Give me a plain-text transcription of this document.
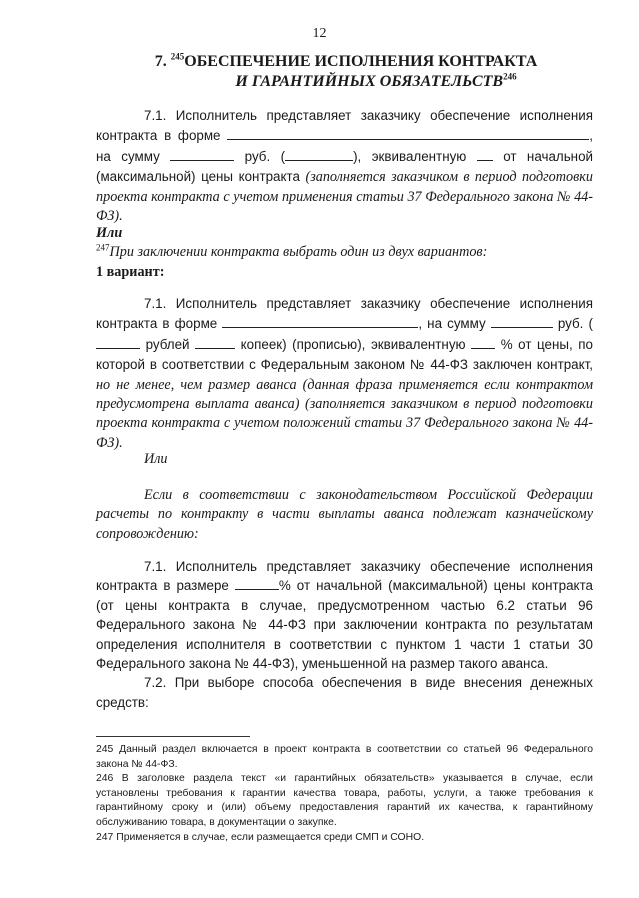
12
7. $^{245}$ОБЕСПЕЧЕНИЕ ИСПОЛНЕНИЯ КОНТРАКТА
И ГАРАНТИЙНЫХ ОБЯЗАТЕЛЬСТВ$^{246}$

7.1. Исполнитель представляет заказчику обеспечение исполнения контракта в форме	, на сумму	руб. (	), эквивалентную  от начальной (максимальной) цены контракта (заполняется заказчиком в период подготовки проекта контракта с учетом применения статьи 37 Федерального закона № 44-ФЗ).

Или

$^{247}$При заключении контракта выбрать один из двух вариантов:

1 вариант:

7.1. Исполнитель представляет заказчику обеспечение исполнения контракта в форме	, на сумму	руб. ( рублей	копеек) (прописью), эквивалентную  % от цены, по которой в соответствии с Федеральным законом № 44-ФЗ заключен контракт, но не менее, чем размер аванса (данная фраза применяется если контрактом предусмотрена выплата аванса) (заполняется заказчиком в период подготовки проекта контракта с учетом положений статьи 37 Федерального закона № 44-ФЗ).

Или

Если в соответствии с законодательством Российской Федерации расчеты по контракту в части выплаты аванса подлежат казначейскому сопровождению:

7.1. Исполнитель представляет заказчику обеспечение исполнения контракта в размере	% от начальной (максимальной) цены контракта (от цены контракта в случае, предусмотренном частью 6.2 статьи 96 Федерального закона № 44-ФЗ при заключении контракта по результатам определения исполнителя в соответствии с пунктом 1 части 1 статьи 30 Федерального закона № 44-ФЗ), уменьшенной на размер такого аванса.

7.2. При выборе способа обеспечения в виде внесения денежных средств:

245 Данный раздел включается в проект контракта в соответствии со статьей 96 Федерального закона № 44-ФЗ.

246 В заголовке раздела текст «и гарантийных обязательств» указывается в случае, если установлены требования к гарантии качества товара, работы, услуги, а также требования к гарантийному сроку и (или) объему предоставления гарантий их качества, к гарантийному обслуживанию товара, в документации о закупке.

247 Применяется в случае, если размещается среди СМП и СОНО.
